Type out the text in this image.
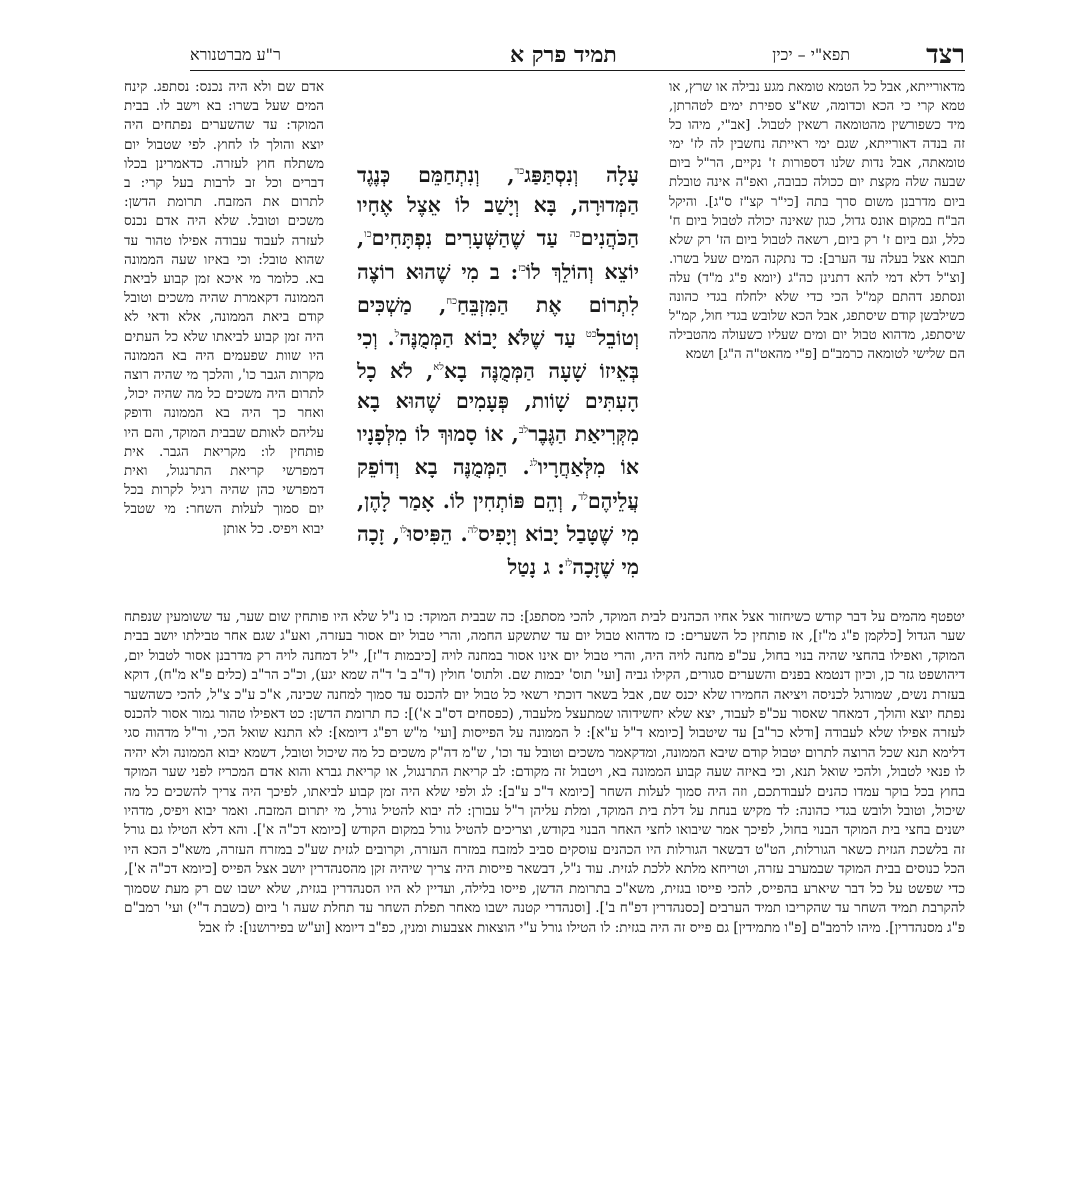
רצד
תפא"י – יכין
תמיד פרק א
ר"ע מברטנורא

מדאורייתא, אבל כל הטמא טומאת מגע נבילה או שרץ, או טמא קרי כי הכא וכדומה, שא"צ ספירת ימים לטהרתן, מיד כשפורשין מהטומאה רשאין לטבול. [אב"י, מיהו כל זה בנדה דאורייתא, שגם ימי ראייתה נחשבין לה לז' ימי טומאתה, אבל נדות שלנו דספורות ז' נקיים, הר"ל ביום שבעה שלה מקצת יום ככולה כבובה, ואפ"ה אינה טובלת ביום מדרבנן משום סרך בתה [כי"ר קצ"ז ס"ג]. והיקל הב"ח במקום אונס גדול, כגון שאינה יכולה לטבול ביום ח' כלל, וגם ביום ז' רק ביום, רשאה לטבול ביום הז' רק שלא תבוא אצל בעלה עד הערב]: כד נתקנה המים שעל בשרו. [וצ"ל דלא דמי להא דתנינן כה"ג (יומא פ"ג מ"ד) עלה ונסתפג דהתם קמ"ל הכי כדי שלא ילחלח בגדי כהונה כשילבשן קודם שיסתפג, אבל הכא שלובש בגדי חול, קמ"ל שיסתפג, מדהוא טבול יום ומים שעליו כשעולה מהטבילה הם שלישי לטומאה כרמב"ם [פ"י מהאט"ה ה"ג] ושמא

עָלָה וְנִסְתַּפַּג$^{כד}$, וְנִתְחַמֵּם כְּנֶגֶד הַמְּדוּרָה, בָּא וְיָשַׁב לוֹ אֵצֶל אֶחָיו הַכֹּהֲנִים$^{כה}$ עַד שֶׁהַשְּׁעָרִים נִפְתָּחִים$^{כו}$, יוֹצֵא וְהוֹלֵךְ לוֹ$^{כז}$: ב מִי שֶׁהוּא רוֹצֶה לִתְרוֹם אֶת הַמִּזְבֵּחַ$^{כח}$, מַשְׁכִּים וְטוֹבֵל$^{כט}$ עַד שֶׁלֹּא יָבוֹא הַמְּמֻנֶּה$^ל$. וְכִי בְּאֵיזוֹ שָׁעָה הַמְּמֻנֶּה בָא$^{לא}$, לֹא כָל הָעִתִּים שָׁוֹות, פְּעָמִים שֶׁהוּא בָא מִקְּרִיאַת הַגֶּבֶר$^{לב}$, אוֹ סָמוּךְ לוֹ מִלְּפָנָיו אוֹ מִלְּאַחֲרָיו$^{לג}$. הַמְּמֻנֶּה בָא וְדוֹפֵק עֲלֵיהֶם$^{לד}$, וְהֵם פּוֹתְחִין לוֹ. אָמַר לָהֶן, מִי שֶׁטָּבַל יָבוֹא וְיָפִיס$^{לה}$. הֵפִּיסוּ$^{לו}$, זָכָה מִי שֶׁזָּכָה$^{לז}$: ג נָטַל

אדם שם ולא היה נכנס: נסתפג. קינח המים שעל בשרו: בא וישב לו. בבית המוקד: עד שהשערים נפתחים היה יוצא והולך לו לחוץ. לפי שטבול יום משתלח חוץ לעזרה. כדאמרינן בכלו דברים וכל זב לרבות בעל קרי: ב לתרום את המזבח. תרומת הדשן: משכים וטובל. שלא היה אדם נכנס לעזרה לעבוד עבודה אפילו טהור עד שהוא טובל: וכי באיזו שעה הממונה בא. כלומר מי איכא זמן קבוע לביאת הממונה דקאמרת שהיה משכים וטובל קודם ביאת הממונה, אלא ודאי לא היה זמן קבוע לביאתו שלא כל העתים היו שוות שפעמים היה בא הממונה מקרות הגבר כו', והלכך מי שהיה רוצה לתרום היה משכים כל מה שהיה יכול, ואחר כך היה בא הממונה ודופק עליהם לאותם שבבית המוקד, והם היו פותחין לו: מקריאת הגבר. אית דמפרשי קריאת התרנגול, ואית דמפרשי כהן שהיה רגיל לקרות בכל יום סמוך לעלות השחר: מי שטבל יבוא ויפיס. כל אותן

יטפטף מהמים על דבר קודש כשיחזור אצל אחיו הכהנים לבית המוקד, להכי מסתפג]: כה שבבית המוקד: כו נ"ל שלא היו פותחין שום שער, עד ששומעין שנפתח שער הגדול [כלקמן פ"ג מ"ז], אז פותחין כל השערים: כז מדהוא טבול יום עד שתשקע החמה, והרי טבול יום אסור בעזרה, ואע"ג שגם אחר טבילתו יושב בבית המוקד, ואפילו בהחצי שהיה בנוי בחול, עכ"פ מחנה לויה היה, והרי טבול יום אינו אסור במחנה לויה [כיבמות ד"ז], י"ל דמחנה לויה רק מדרבנן אסור לטבול יום, דיהושפט גזר כן, וכיון דנטמא בפנים והשערים סגורים, הקילו גביה [ועי' תוס' יבמות שם. ולתוס' חולין (ד"ב ב' ד"ה שמא יגע), וכ"כ הר"ב (כלים פ"א מ"ח), דוקא בעזרת נשים, שמורגל לכניסה ויציאה החמירו שלא יכנס שם, אבל בשאר דוכתי רשאי כל טבול יום להכנס עד סמוך למחנה שכינה, א"כ ע"כ צ"ל, להכי כשהשער נפתח יוצא והולך, דמאחר שאסור עכ"פ לעבוד, יצא שלא יחשידוהו שמתעצל מלעבוד, (כפסחים דס"ב א')]: כח תרומת הדשן: כט דאפילו טהור גמור אסור להכנס לעזרה אפילו שלא לעבודה [ודלא כר"ב] עד שיטבול [כיומא ד"ל ע"א]: ל הממונה על הפייסות [ועי' מ"ש רפ"ג דיומא]: לא התנא שואל הכי, ור"ל מדהוה סגי דלימא תנא שכל הרוצה לתרום יטבול קודם שיבא הממונה, ומדקאמר משכים וטובל עד וכו', ש"מ דה"ק משכים כל מה שיכול וטובל, דשמא יבוא הממונה ולא יהיה לו פנאי לטבול, ולהכי שואל תנא, וכי באיזה שעה קבוע הממונה בא, ויטבול זה מקודם: לב קריאת התרנגול, או קריאת גברא והוא אדם המכריז לפני שער המוקד בחוץ בכל בוקר עמדו כהנים לעבודתכם, וזה היה סמוך לעלות השחר [כיומא ד"כ ע"ב]: לג ולפי שלא היה זמן קבוע לביאתו, לפיכך היה צריך להשכים כל מה שיכול, וטובל ולובש בגדי כהונה: לד מקיש בנחת על דלת בית המוקד, ומלת עליהן ר"ל עבורן: לה יבוא להטיל גורל, מי יתרום המזבח. ואמר יבוא ויפיס, מדהיו ישנים בחצי בית המוקד הבנוי בחול, לפיכך אמר שיבואו לחצי האחר הבנוי בקודש, וצריכים להטיל גורל במקום הקודש [כיומא דכ"ה א']. והא דלא הטילו גם גורל זה בלשכת הגזית כשאר הגורלות, הט"ט דבשאר הגורלות היו הכהנים עוסקים סביב למזבח במזרח העזרה, וקרובים לגזית שע"כ במזרח העזרה, משא"כ הכא היו הכל כנוסים בבית המוקד שבמערב עזרה, וטריחא מלתא ללכת לגזית. עוד נ"ל, דבשאר פייסות היה צריך שיהיה זקן מהסנהדרין יושב אצל הפייס [כיומא דכ"ה א'], כדי שפשט על כל דבר שיארע בהפייס, להכי פייסו בגזית, משא"כ בתרומת הדשן, פייסו בלילה, ועדיין לא היו הסנהדרין בגזית, שלא ישבו שם רק מעת שסמוך להקרבת תמיד השחר עד שהקריבו תמיד הערבים [כסנהדרין דפ"ח ב']. [וסנהדרי קטנה ישבו מאחר תפלת השחר עד תחלת שעה ו' ביום (כשבת ד"י) ועי' רמב"ם פ"ג מסנהדרין]. מיהו לרמב"ם [פ"ו מתמידין] גם פייס זה היה בגזית: לו הטילו גורל ע"י הוצאות אצבעות ומנין, כפ"ב דיומא [וע"ש בפירושנו]: לז אבל
